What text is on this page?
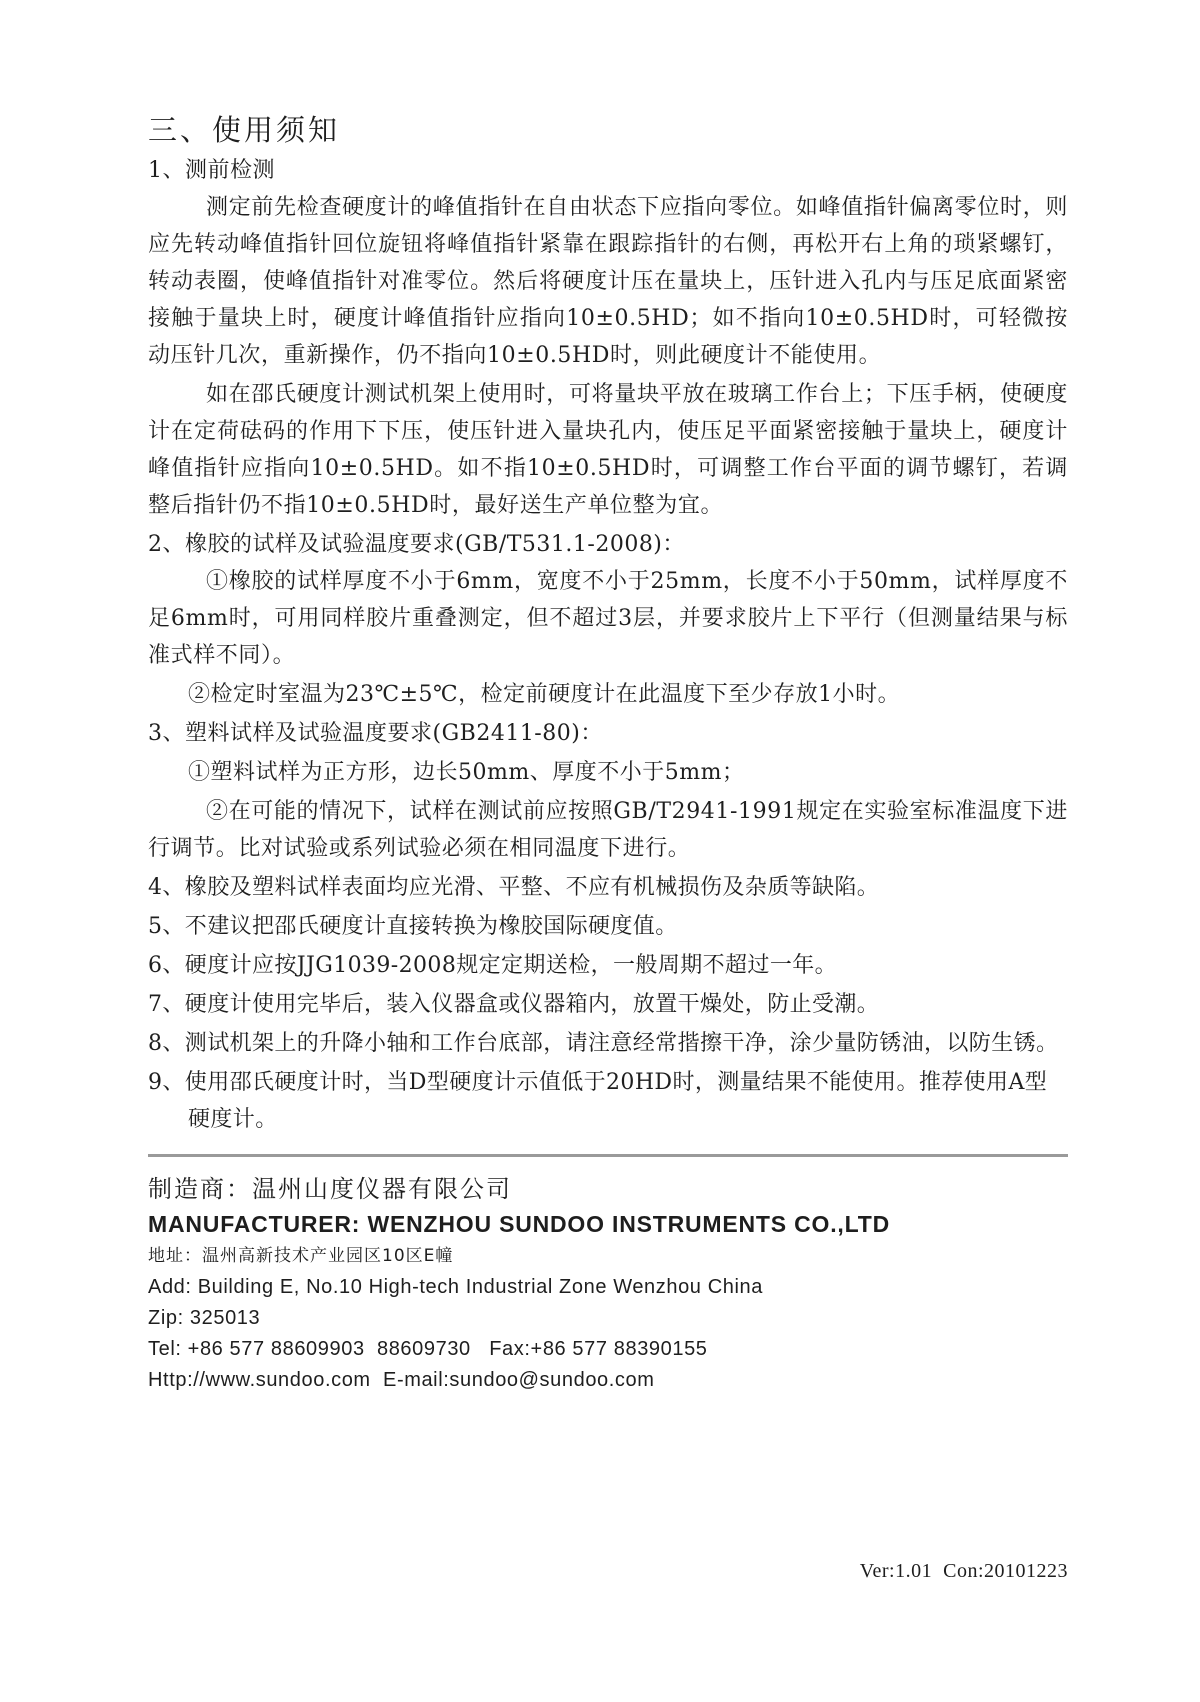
三、使用须知

1、测前检测

测定前先检查硬度计的峰值指针在自由状态下应指向零位。如峰值指针偏离零位时，则应先转动峰值指针回位旋钮将峰值指针紧靠在跟踪指针的右侧，再松开右上角的琐紧螺钉，转动表圈，使峰值指针对准零位。然后将硬度计压在量块上，压针进入孔内与压足底面紧密接触于量块上时，硬度计峰值指针应指向10±0.5HD；如不指向10±0.5HD时，可轻微按动压针几次，重新操作，仍不指向10±0.5HD时，则此硬度计不能使用。

如在邵氏硬度计测试机架上使用时，可将量块平放在玻璃工作台上；下压手柄，使硬度计在定荷砝码的作用下下压，使压针进入量块孔内，使压足平面紧密接触于量块上，硬度计峰值指针应指向10±0.5HD。如不指10±0.5HD时，可调整工作台平面的调节螺钉，若调整后指针仍不指10±0.5HD时，最好送生产单位整为宜。

2、橡胶的试样及试验温度要求(GB/T531.1-2008)：

①橡胶的试样厚度不小于6mm，宽度不小于25mm，长度不小于50mm，试样厚度不足6mm时，可用同样胶片重叠测定，但不超过3层，并要求胶片上下平行（但测量结果与标准式样不同）。

②检定时室温为23℃±5℃，检定前硬度计在此温度下至少存放1小时。

3、塑料试样及试验温度要求(GB2411-80)：

①塑料试样为正方形，边长50mm、厚度不小于5mm；

②在可能的情况下，试样在测试前应按照GB/T2941-1991规定在实验室标准温度下进行调节。比对试验或系列试验必须在相同温度下进行。

4、橡胶及塑料试样表面均应光滑、平整、不应有机械损伤及杂质等缺陷。

5、不建议把邵氏硬度计直接转换为橡胶国际硬度值。

6、硬度计应按JJG1039-2008规定定期送检，一般周期不超过一年。

7、硬度计使用完毕后，装入仪器盒或仪器箱内，放置干燥处，防止受潮。

8、测试机架上的升降小轴和工作台底部，请注意经常揩擦干净，涂少量防锈油，以防生锈。

9、使用邵氏硬度计时，当D型硬度计示值低于20HD时，测量结果不能使用。推荐使用A型硬度计。

制造商：温州山度仪器有限公司
MANUFACTURER: WENZHOU SUNDOO INSTRUMENTS CO.,LTD
地址：温州高新技术产业园区10区E幢
Add: Building E, No.10 High-tech Industrial Zone Wenzhou China
Zip: 325013
Tel: +86 577 88609903  88609730   Fax:+86 577 88390155
Http://www.sundoo.com  E-mail:sundoo@sundoo.com
Ver:1.01  Con:20101223
